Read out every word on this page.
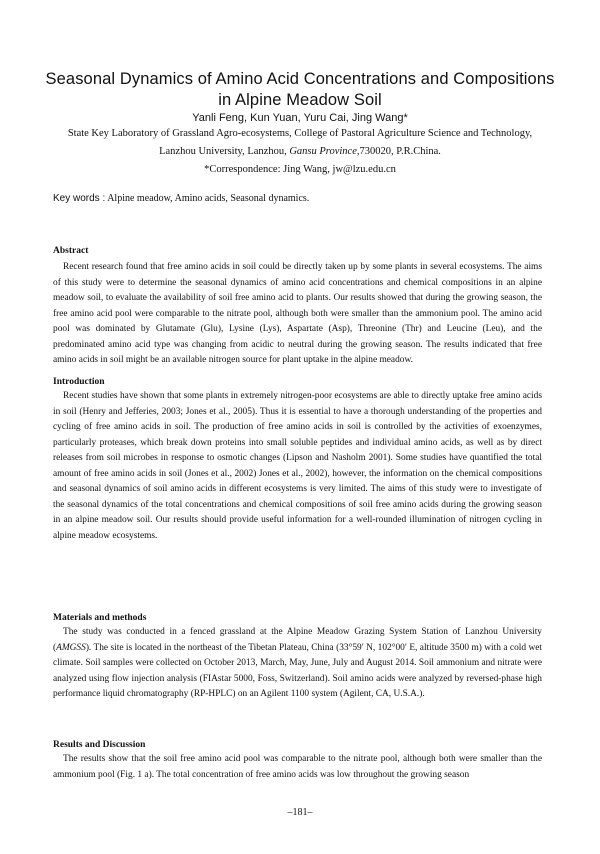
Seasonal Dynamics of Amino Acid Concentrations and Compositions in Alpine Meadow Soil
Yanli Feng, Kun Yuan, Yuru Cai, Jing Wang*
State Key Laboratory of Grassland Agro-ecosystems, College of Pastoral Agriculture Science and Technology,
Lanzhou University, Lanzhou, Gansu Province,730020, P.R.China.
*Correspondence: Jing Wang, jw@lzu.edu.cn
Key words : Alpine meadow, Amino acids, Seasonal dynamics.
Abstract
Recent research found that free amino acids in soil could be directly taken up by some plants in several ecosystems. The aims of this study were to determine the seasonal dynamics of amino acid concentrations and chemical compositions in an alpine meadow soil, to evaluate the availability of soil free amino acid to plants. Our results showed that during the growing season, the free amino acid pool were comparable to the nitrate pool, although both were smaller than the ammonium pool. The amino acid pool was dominated by Glutamate (Glu), Lysine (Lys), Aspartate (Asp), Threonine (Thr) and Leucine (Leu), and the predominated amino acid type was changing from acidic to neutral during the growing season. The results indicated that free amino acids in soil might be an available nitrogen source for plant uptake in the alpine meadow.
Introduction
Recent studies have shown that some plants in extremely nitrogen-poor ecosystems are able to directly uptake free amino acids in soil (Henry and Jefferies, 2003; Jones et al., 2005). Thus it is essential to have a thorough understanding of the properties and cycling of free amino acids in soil. The production of free amino acids in soil is controlled by the activities of exoenzymes, particularly proteases, which break down proteins into small soluble peptides and individual amino acids, as well as by direct releases from soil microbes in response to osmotic changes (Lipson and Nasholm 2001). Some studies have quantified the total amount of free amino acids in soil (Jones et al., 2002) Jones et al., 2002), however, the information on the chemical compositions and seasonal dynamics of soil amino acids in different ecosystems is very limited. The aims of this study were to investigate of the seasonal dynamics of the total concentrations and chemical compositions of soil free amino acids during the growing season in an alpine meadow soil. Our results should provide useful information for a well-rounded illumination of nitrogen cycling in alpine meadow ecosystems.
Materials and methods
The study was conducted in a fenced grassland at the Alpine Meadow Grazing System Station of Lanzhou University (AMGSS). The site is located in the northeast of the Tibetan Plateau, China (33°59′ N, 102°00′ E, altitude 3500 m) with a cold wet climate. Soil samples were collected on October 2013, March, May, June, July and August 2014. Soil ammonium and nitrate were analyzed using flow injection analysis (FIAstar 5000, Foss, Switzerland). Soil amino acids were analyzed by reversed-phase high performance liquid chromatography (RP-HPLC) on an Agilent 1100 system (Agilent, CA, U.S.A.).
Results and Discussion
The results show that the soil free amino acid pool was comparable to the nitrate pool, although both were smaller than the ammonium pool (Fig. 1 a). The total concentration of free amino acids was low throughout the growing season
–181–
